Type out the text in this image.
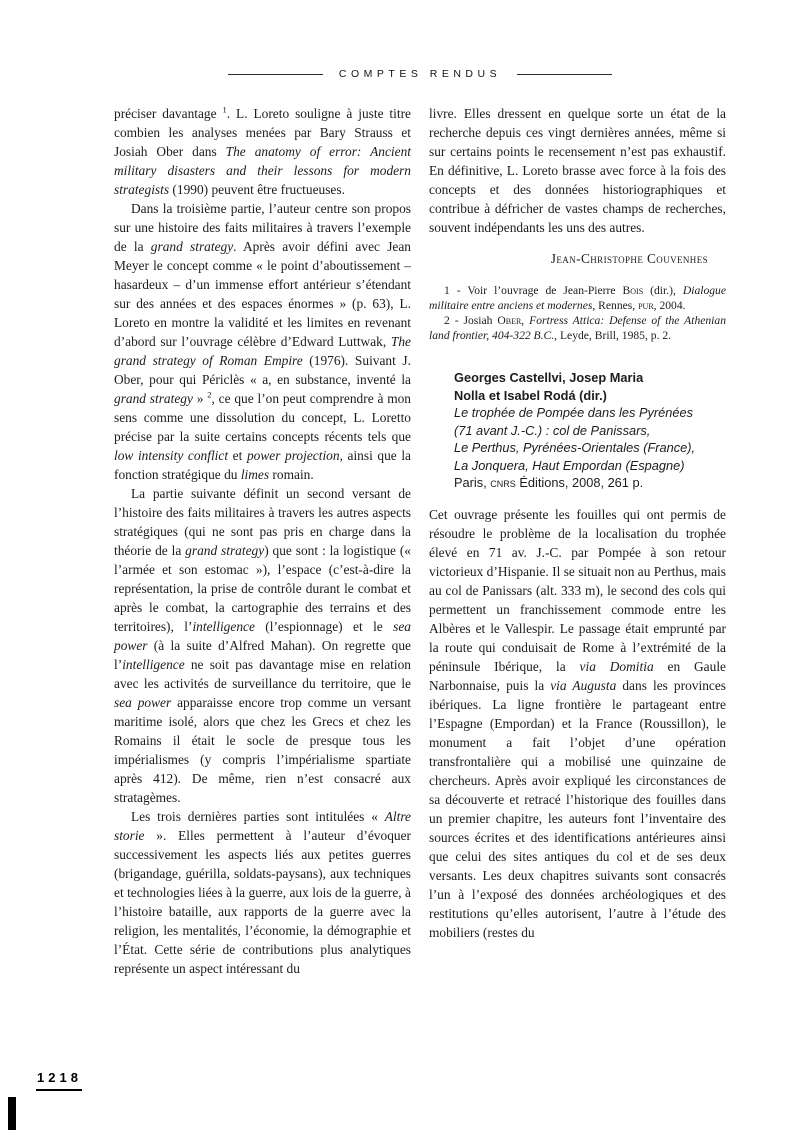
COMPTES RENDUS

préciser davantage $^1$. L. Loreto souligne à juste titre combien les analyses menées par Bary Strauss et Josiah Ober dans The anatomy of error: Ancient military disasters and their lessons for modern strategists (1990) peuvent être fructueuses.

Dans la troisième partie, l’auteur centre son propos sur une histoire des faits militaires à travers l’exemple de la grand strategy. Après avoir défini avec Jean Meyer le concept comme « le point d’aboutissement – hasardeux – d’un immense effort antérieur s’étendant sur des années et des espaces énormes » (p. 63), L. Loreto en montre la validité et les limites en revenant d’abord sur l’ouvrage célèbre d’Edward Luttwak, The grand strategy of Roman Empire (1976). Suivant J. Ober, pour qui Périclès « a, en substance, inventé la grand strategy » $^2$, ce que l’on peut comprendre à mon sens comme une dissolution du concept, L. Loretto précise par la suite certains concepts récents tels que low intensity conflict et power projection, ainsi que la fonction stratégique du limes romain.

La partie suivante définit un second versant de l’histoire des faits militaires à travers les autres aspects stratégiques (qui ne sont pas pris en charge dans la théorie de la grand strategy) que sont : la logistique (« l’armée et son estomac »), l’espace (c’est-à-dire la représentation, la prise de contrôle durant le combat et après le combat, la cartographie des terrains et des territoires), l’intelligence (l’espionnage) et le sea power (à la suite d’Alfred Mahan). On regrette que l’intelligence ne soit pas davantage mise en relation avec les activités de surveillance du territoire, que le sea power apparaisse encore trop comme un versant maritime isolé, alors que chez les Grecs et chez les Romains il était le socle de presque tous les impérialismes (y compris l’impérialisme spartiate après 412). De même, rien n’est consacré aux stratagèmes.

Les trois dernières parties sont intitulées « Altre storie ». Elles permettent à l’auteur d’évoquer successivement les aspects liés aux petites guerres (brigandage, guérilla, soldats-paysans), aux techniques et technologies liées à la guerre, aux lois de la guerre, à l’histoire bataille, aux rapports de la guerre avec la religion, les mentalités, l’économie, la démographie et l’État. Cette série de contributions plus analytiques représente un aspect intéressant du

livre. Elles dressent en quelque sorte un état de la recherche depuis ces vingt dernières années, même si sur certains points le recensement n’est pas exhaustif. En définitive, L. Loreto brasse avec force à la fois des concepts et des données historiographiques et contribue à défricher de vastes champs de recherches, souvent indépendants les uns des autres.

Jean-Christophe Couvenhes

1 - Voir l’ouvrage de Jean-Pierre Bois (dir.), Dialogue militaire entre anciens et modernes, Rennes, pur, 2004.

2 - Josiah Ober, Fortress Attica: Defense of the Athenian land frontier, 404-322 B.C., Leyde, Brill, 1985, p. 2.

Georges Castellvi, Josep Maria
Nolla et Isabel Rodá (dir.)
Le trophée de Pompée dans les Pyrénées
(71 avant J.-C.) : col de Panissars,
Le Perthus, Pyrénées-Orientales (France),
La Jonquera, Haut Empordan (Espagne)
Paris, cnrs Éditions, 2008, 261 p.

Cet ouvrage présente les fouilles qui ont permis de résoudre le problème de la localisation du trophée élevé en 71 av. J.-C. par Pompée à son retour victorieux d’Hispanie. Il se situait non au Perthus, mais au col de Panissars (alt. 333 m), le second des cols qui permettent un franchissement commode entre les Albères et le Vallespir. Le passage était emprunté par la route qui conduisait de Rome à l’extrémité de la péninsule Ibérique, la via Domitia en Gaule Narbonnaise, puis la via Augusta dans les provinces ibériques. La ligne frontière le partageant entre l’Espagne (Empordan) et la France (Roussillon), le monument a fait l’objet d’une opération transfrontalière qui a mobilisé une quinzaine de chercheurs. Après avoir expliqué les circonstances de sa découverte et retracé l’historique des fouilles dans un premier chapitre, les auteurs font l’inventaire des sources écrites et des identifications antérieures ainsi que celui des sites antiques du col et de ses deux versants. Les deux chapitres suivants sont consacrés l’un à l’exposé des données archéologiques et des restitutions qu’elles autorisent, l’autre à l’étude des mobiliers (restes du

1218
